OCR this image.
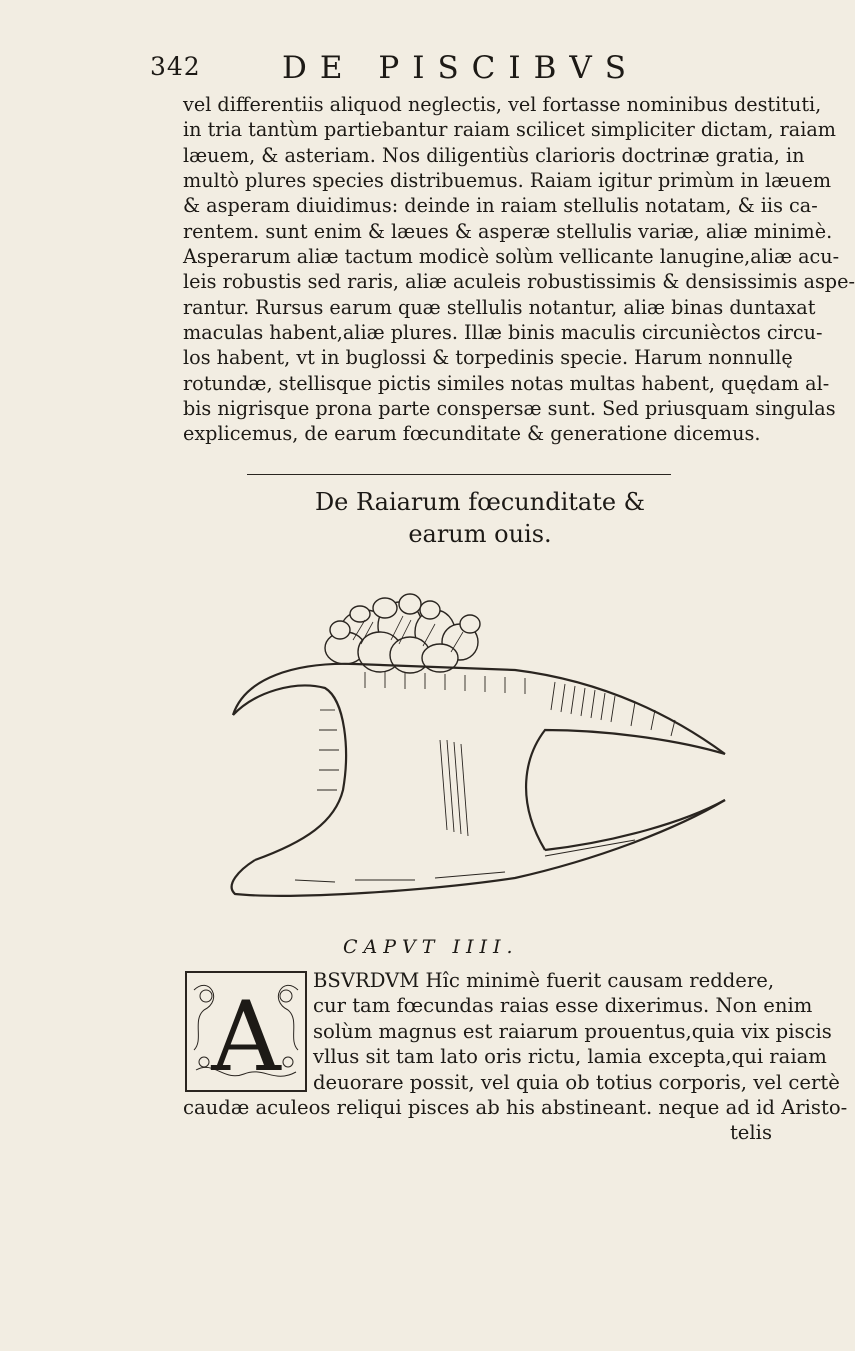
342	DE PISCIBVS
vel differentiis aliquod neglectis, vel fortasse nominibus destituti,
in tria tantùm partiebantur raiam scilicet simpliciter dictam, raiam
læuem, & asteriam. Nos diligentiùs clarioris doctrinæ gratia, in
multò plures species distribuemus. Raiam igitur primùm in læuem
& asperam diuidimus: deinde in raiam stellulis notatam, & iis ca-
rentem. sunt enim & læues & asperæ stellulis variæ, aliæ minimè.
Asperarum aliæ tactum modicè solùm vellicante lanugine,aliæ acu-
leis robustis sed raris, aliæ aculeis robustissimis & densissimis aspe-
rantur. Rursus earum quæ stellulis notantur, aliæ binas duntaxat
maculas habent,aliæ plures. Illæ binis maculis circunièctos circu-
los habent, vt in buglossi & torpedinis specie. Harum nonnullę
rotundæ, stellisque pictis similes notas multas habent, quędam al-
bis nigrisque prona parte conspersæ sunt. Sed priusquam singulas
explicemus, de earum fœcunditate & generatione dicemus.
De Raiarum fœcunditate &
earum ouis.
CAPVT IIII.
A
BSVRDVM Hîc minimè fuerit causam reddere,
cur tam fœcundas raias esse dixerimus. Non enim
solùm magnus est raiarum prouentus,quia vix piscis
vllus sit tam lato oris rictu, lamia excepta,qui raiam
deuorare possit, vel quia ob totius corporis, vel certè
caudæ aculeos reliqui pisces ab his abstineant. neque ad id Aristo-
telis
